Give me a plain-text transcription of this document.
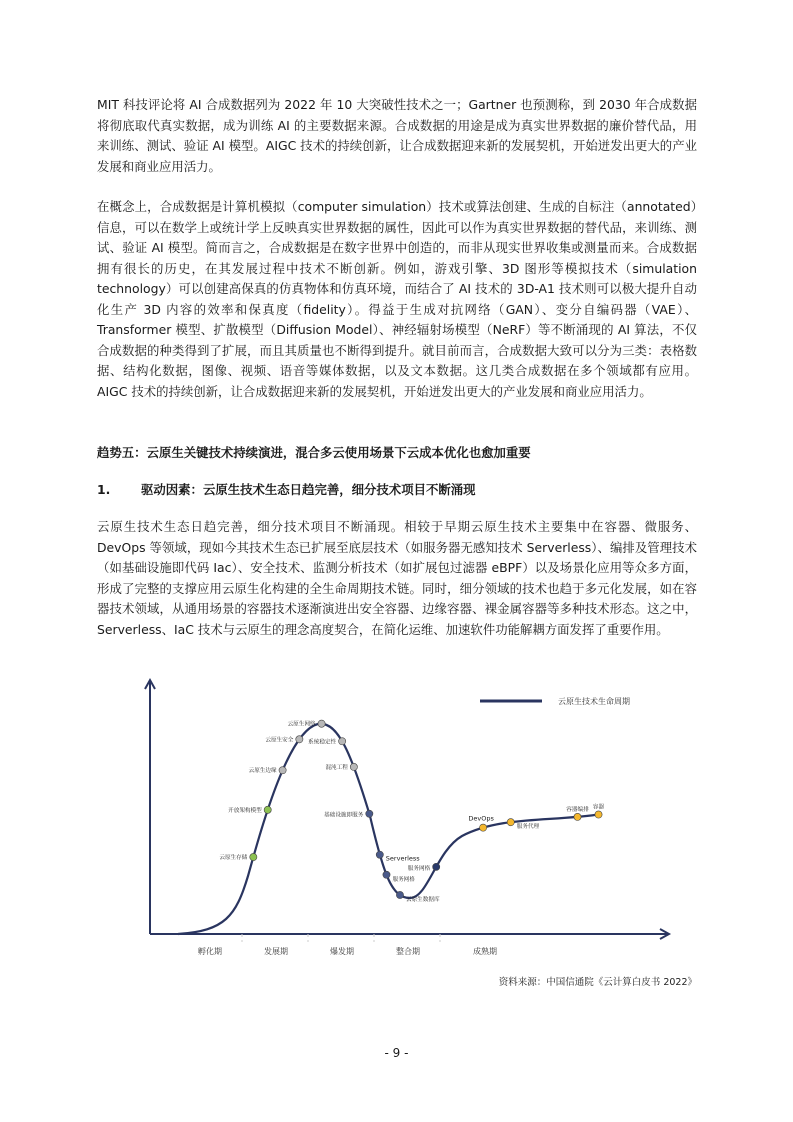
MIT 科技评论将 AI 合成数据列为 2022 年 10 大突破性技术之一；Gartner 也预测称，到 2030 年合成数据将彻底取代真实数据，成为训练 AI 的主要数据来源。合成数据的用途是成为真实世界数据的廉价替代品，用来训练、测试、验证 AI 模型。AIGC 技术的持续创新，让合成数据迎来新的发展契机，开始迸发出更大的产业发展和商业应用活力。

在概念上，合成数据是计算机模拟（computer simulation）技术或算法创建、生成的自标注（annotated）信息，可以在数学上或统计学上反映真实世界数据的属性，因此可以作为真实世界数据的替代品，来训练、测试、验证 AI 模型。简而言之，合成数据是在数字世界中创造的，而非从现实世界收集或测量而来。合成数据拥有很长的历史，在其发展过程中技术不断创新。例如，游戏引擎、3D 图形等模拟技术（simulation technology）可以创建高保真的仿真物体和仿真环境，而结合了 AI 技术的 3D-A1 技术则可以极大提升自动化生产 3D 内容的效率和保真度（fidelity）。得益于生成对抗网络（GAN）、变分自编码器（VAE）、Transformer 模型、扩散模型（Diffusion Model）、神经辐射场模型（NeRF）等不断涌现的 AI 算法，不仅合成数据的种类得到了扩展，而且其质量也不断得到提升。就目前而言，合成数据大致可以分为三类：表格数据、结构化数据，图像、视频、语音等媒体数据，以及文本数据。这几类合成数据在多个领域都有应用。AIGC 技术的持续创新，让合成数据迎来新的发展契机，开始迸发出更大的产业发展和商业应用活力。

趋势五：云原生关键技术持续演进，混合多云使用场景下云成本优化也愈加重要

1. 驱动因素：云原生技术生态日趋完善，细分技术项目不断涌现

云原生技术生态日趋完善，细分技术项目不断涌现。相较于早期云原生技术主要集中在容器、微服务、DevOps 等领域，现如今其技术生态已扩展至底层技术（如服务器无感知技术 Serverless）、编排及管理技术（如基础设施即代码 Iac）、安全技术、监测分析技术（如扩展包过滤器 eBPF）以及场景化应用等众多方面，形成了完整的支撑应用云原生化构建的全生命周期技术链。同时，细分领域的技术也趋于多元化发展，如在容器技术领域，从通用场景的容器技术逐渐演进出安全容器、边缘容器、裸金属容器等多种技术形态。这之中，Serverless、IaC 技术与云原生的理念高度契合，在简化运维、加速软件功能解耦方面发挥了重要作用。

云原生技术生命周期
云原生存储
开放架构模型
云原生边缘
云原生安全
云原生网络
系统稳定性
混沌工程
基础设施即服务
Serverless
服务网格
云原生数据库
服务网格
DevOps
服务代理
容器编排 容器
孵化期	发展期	爆发期	整合期	成熟期
资料来源：中国信通院《云计算白皮书 2022》
- 9 -
